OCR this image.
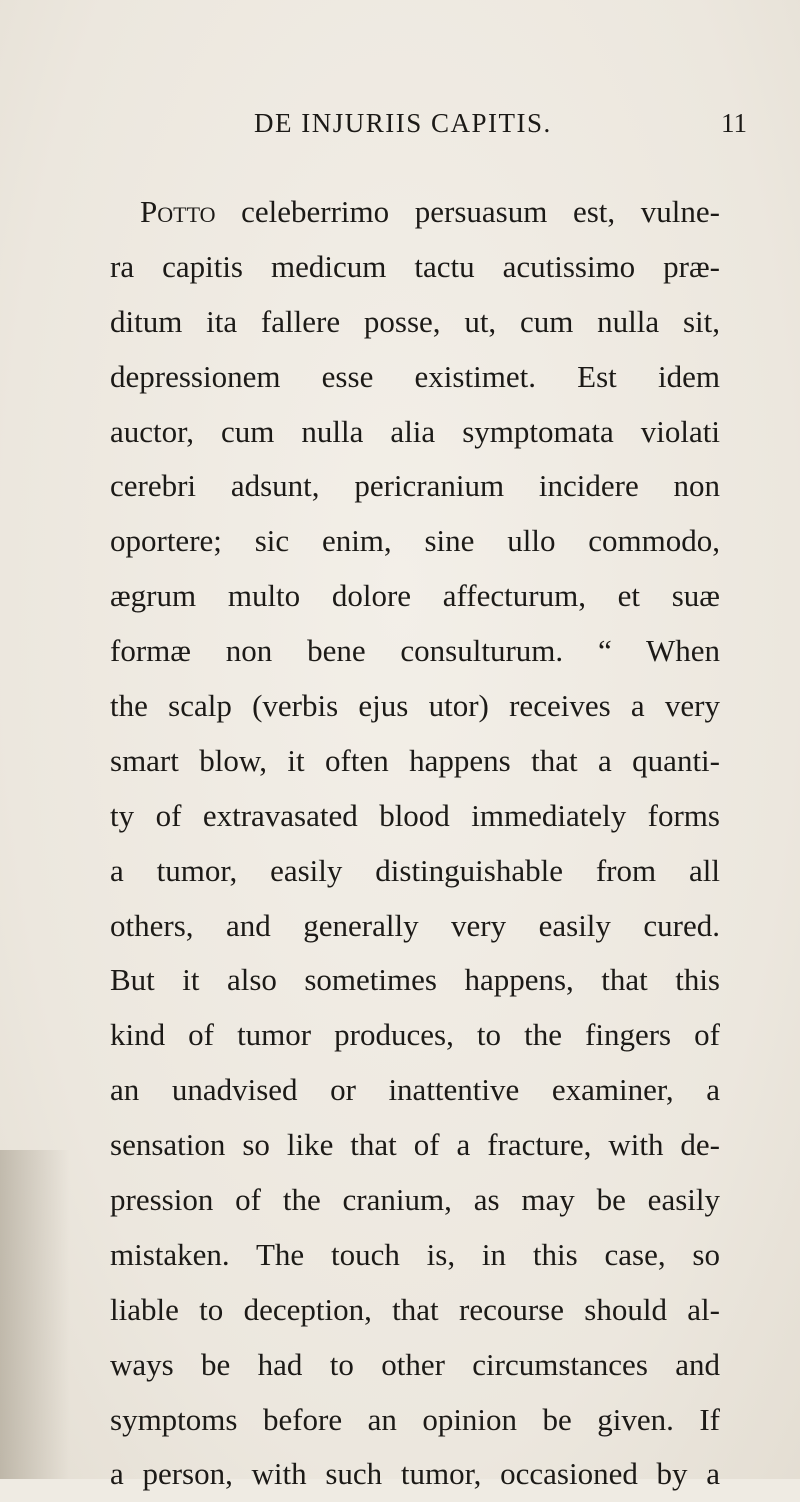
DE INJURIIS CAPITIS.	11
Potto celeberrimo persuasum est, vulne-
ra capitis medicum tactu acutissimo præ-
ditum ita fallere posse, ut, cum nulla sit,
depressionem esse existimet. Est idem
auctor, cum nulla alia symptomata violati
cerebri adsunt, pericranium incidere non
oportere; sic enim, sine ullo commodo,
ægrum multo dolore affecturum, et suæ
formæ non bene consulturum. “ When
the scalp (verbis ejus utor) receives a very
smart blow, it often happens that a quanti-
ty of extravasated blood immediately forms
a tumor, easily distinguishable from all
others, and generally very easily cured.
But it also sometimes happens, that this
kind of tumor produces, to the fingers of
an unadvised or inattentive examiner, a
sensation so like that of a fracture, with de-
pression of the cranium, as may be easily
mistaken. The touch is, in this case, so
liable to deception, that recourse should al-
ways be had to other circumstances and
symptoms before an opinion be given. If
a person, with such tumor, occasioned by a
